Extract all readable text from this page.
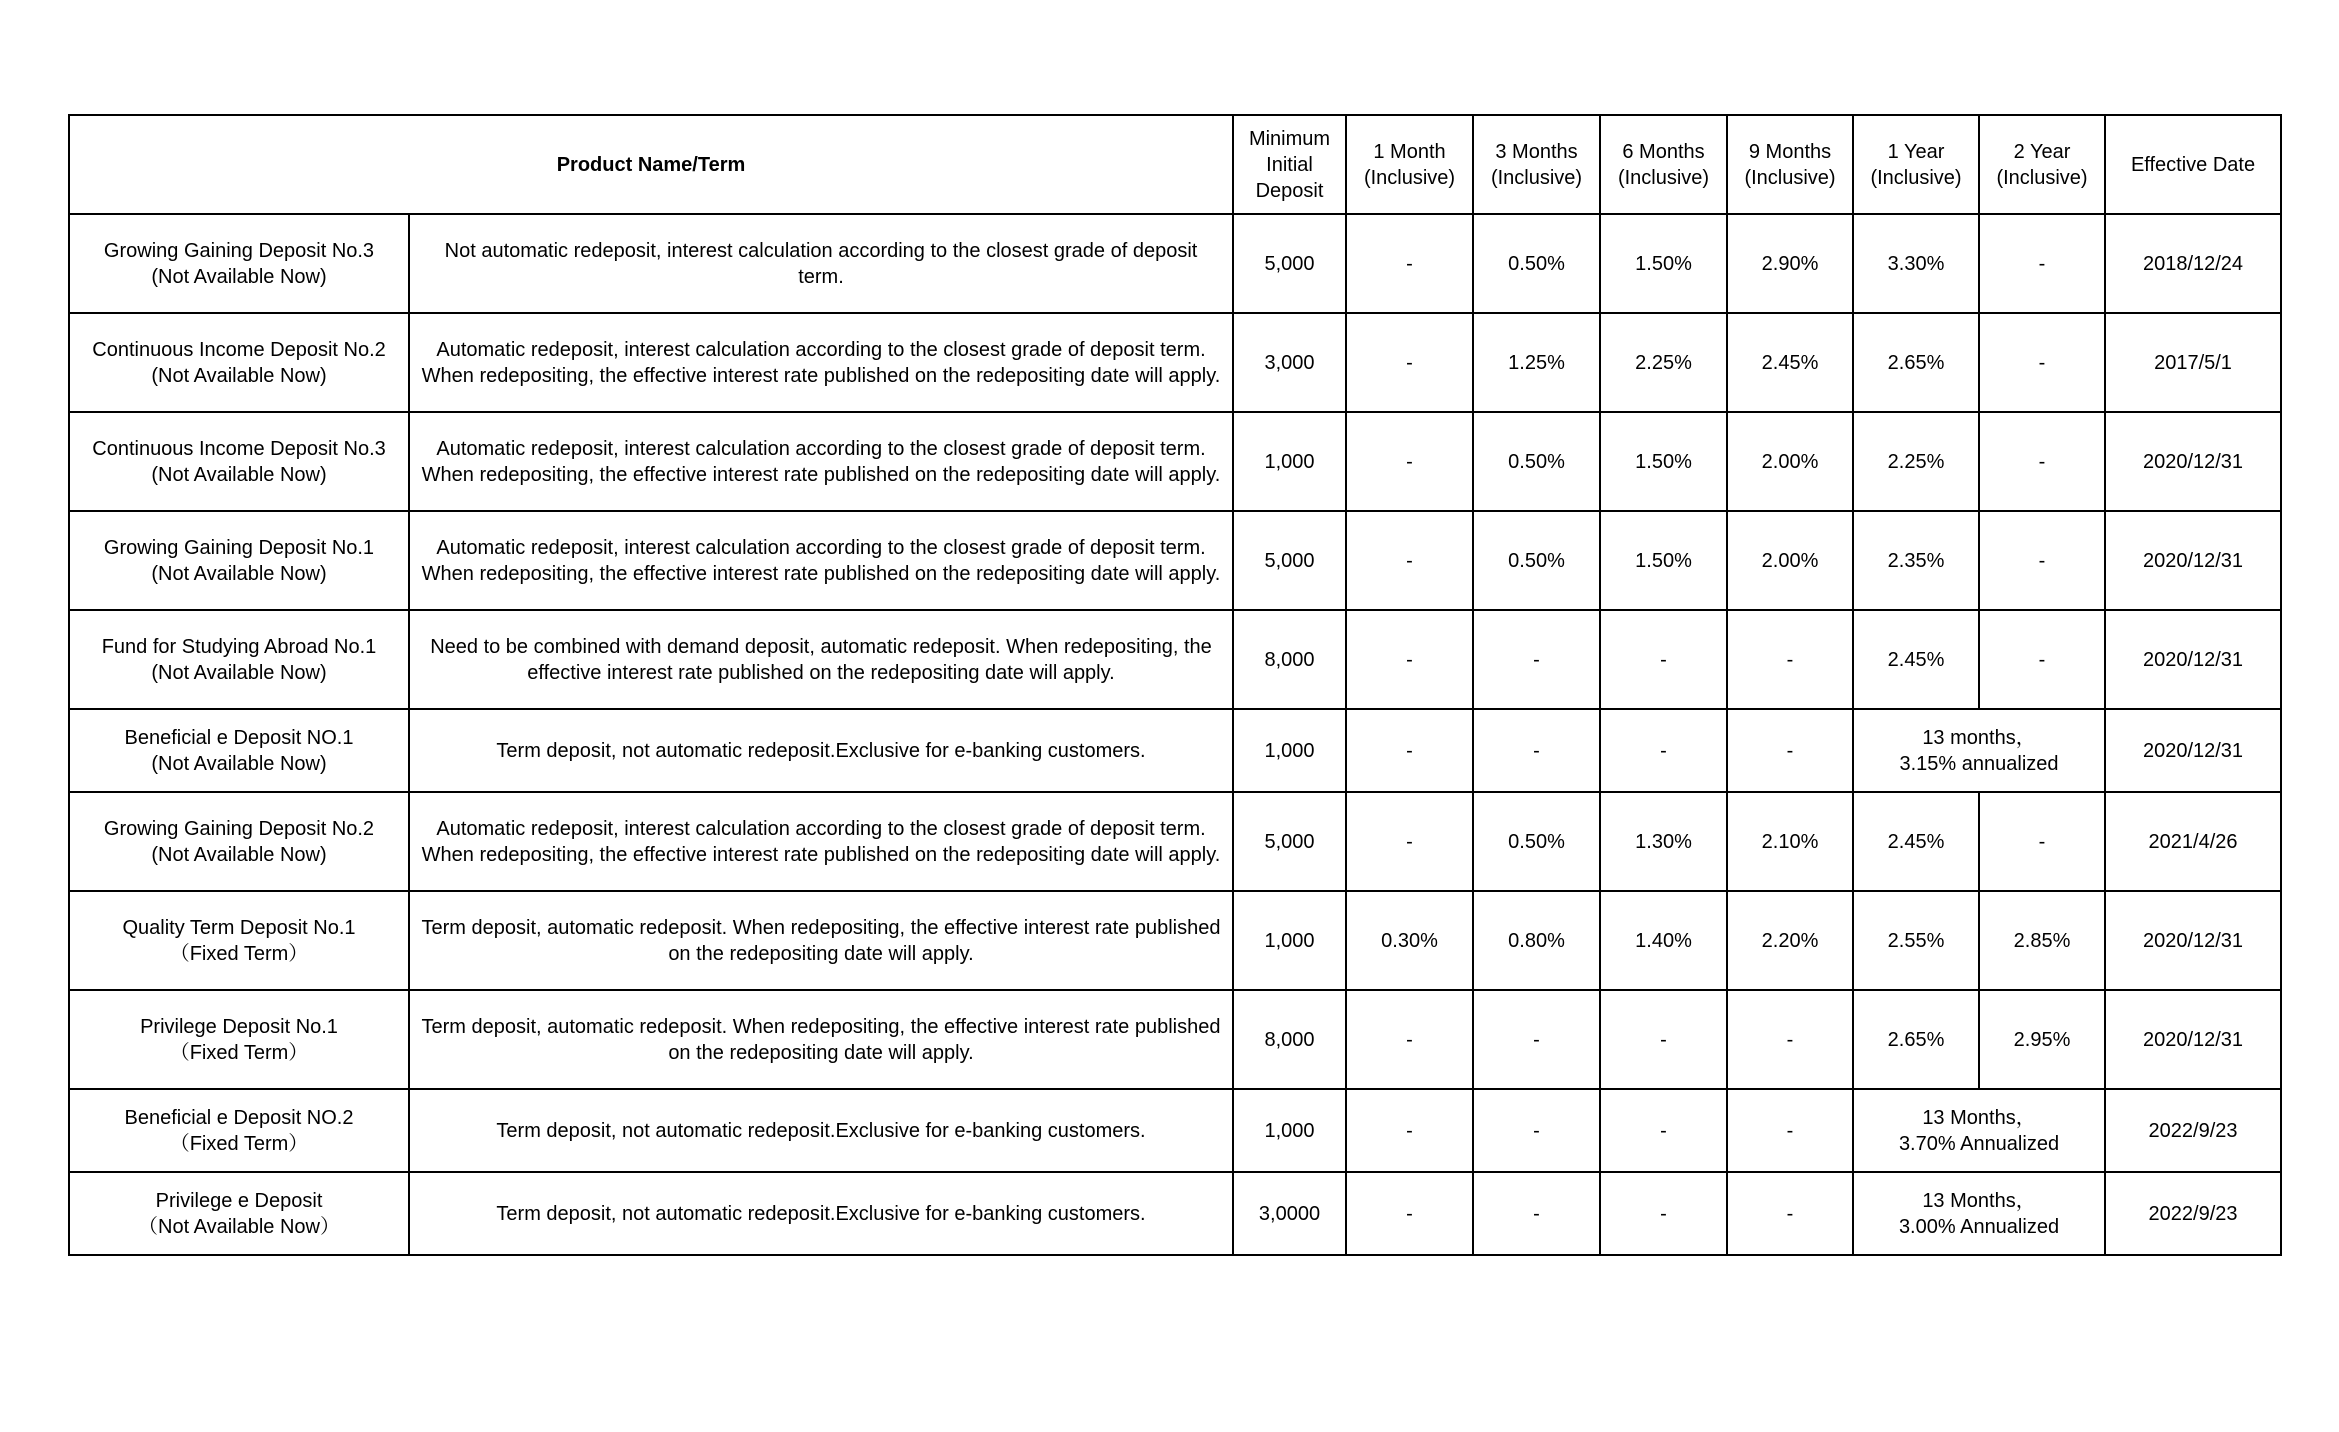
Product Name/Term		Minimum
Initial
Deposit	1 Month
(Inclusive)	3 Months
(Inclusive)	6 Months
(Inclusive)	9 Months
(Inclusive)	1 Year
(Inclusive)	2 Year
(Inclusive)	Effective Date

Growing Gaining Deposit No.3
(Not Available Now)	Not automatic redeposit, interest calculation according to the closest grade of deposit term.	5,000	-	0.50%	1.50%	2.90%	3.30%	-	2018/12/24

Continuous Income Deposit No.2
(Not Available Now)	Automatic redeposit, interest calculation according to the closest grade of deposit term. When redepositing, the effective interest rate published on the redepositing date will apply.	3,000	-	1.25%	2.25%	2.45%	2.65%	-	2017/5/1

Continuous Income Deposit No.3
(Not Available Now)	Automatic redeposit, interest calculation according to the closest grade of deposit term. When redepositing, the effective interest rate published on the redepositing date will apply.	1,000	-	0.50%	1.50%	2.00%	2.25%	-	2020/12/31

Growing Gaining Deposit No.1
(Not Available Now)	Automatic redeposit, interest calculation according to the closest grade of deposit term. When redepositing, the effective interest rate published on the redepositing date will apply.	5,000	-	0.50%	1.50%	2.00%	2.35%	-	2020/12/31

Fund for Studying Abroad No.1
(Not Available Now)	Need to be combined with demand deposit, automatic redeposit. When redepositing, the effective interest rate published on the redepositing date will apply.	8,000	-	-	-	-	2.45%	-	2020/12/31

Beneficial e Deposit NO.1
(Not Available Now)	Term deposit, not automatic redeposit.Exclusive for e-banking customers.	1,000	-	-	-	-	13 months，
3.15% annualized		2020/12/31

Growing Gaining Deposit No.2
(Not Available Now)	Automatic redeposit, interest calculation according to the closest grade of deposit term. When redepositing, the effective interest rate published on the redepositing date will apply.	5,000	-	0.50%	1.30%	2.10%	2.45%	-	2021/4/26

Quality Term Deposit No.1
（Fixed Term）	Term deposit, automatic redeposit. When redepositing, the effective interest rate published on the redepositing date will apply.	1,000	0.30%	0.80%	1.40%	2.20%	2.55%	2.85%	2020/12/31

Privilege Deposit No.1
（Fixed Term）	Term deposit, automatic redeposit. When redepositing, the effective interest rate published on the redepositing date will apply.	8,000	-	-	-	-	2.65%	2.95%	2020/12/31

Beneficial e Deposit NO.2
（Fixed Term）	Term deposit, not automatic redeposit.Exclusive for e-banking customers.	1,000	-	-	-	-	13 Months，
3.70% Annualized		2022/9/23

Privilege e Deposit
（Not Available Now）	Term deposit, not automatic redeposit.Exclusive for e-banking customers.	3,0000	-	-	-	-	13 Months，
3.00% Annualized		2022/9/23
